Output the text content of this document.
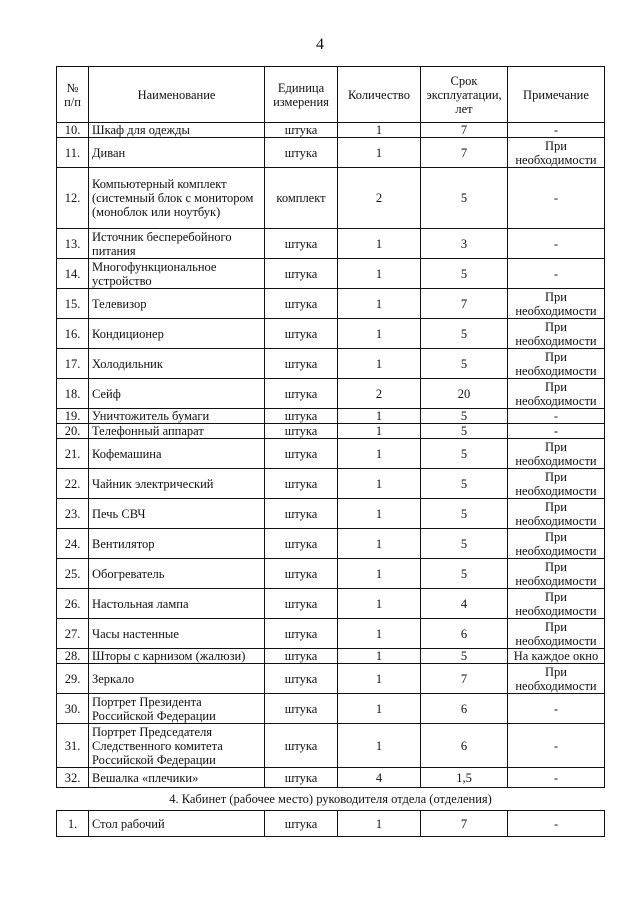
4
№ п/п	Наименование	Единица измерения	Количество	Срок эксплуатации, лет	Примечание
10.	Шкаф для одежды	штука	1	7	-
11.	Диван	штука	1	7	При необходимости
12.	Компьютерный комплект (системный блок с монитором (моноблок или ноутбук)	комплект	2	5	-
13.	Источник бесперебойного питания	штука	1	3	-
14.	Многофункциональное устройство	штука	1	5	-
15.	Телевизор	штука	1	7	При необходимости
16.	Кондиционер	штука	1	5	При необходимости
17.	Холодильник	штука	1	5	При необходимости
18.	Сейф	штука	2	20	При необходимости
19.	Уничтожитель бумаги	штука	1	5	-
20.	Телефонный аппарат	штука	1	5	-
21.	Кофемашина	штука	1	5	При необходимости
22.	Чайник электрический	штука	1	5	При необходимости
23.	Печь СВЧ	штука	1	5	При необходимости
24.	Вентилятор	штука	1	5	При необходимости
25.	Обогреватель	штука	1	5	При необходимости
26.	Настольная лампа	штука	1	4	При необходимости
27.	Часы настенные	штука	1	6	При необходимости
28.	Шторы с карнизом (жалюзи)	штука	1	5	На каждое окно
29.	Зеркало	штука	1	7	При необходимости
30.	Портрет Президента Российской Федерации	штука	1	6	-
31.	Портрет Председателя Следственного комитета Российской Федерации	штука	1	6	-
32.	Вешалка «плечики»	штука	4	1,5	-
4. Кабинет (рабочее место) руководителя отдела (отделения)
1.	Стол рабочий	штука	1	7	-
